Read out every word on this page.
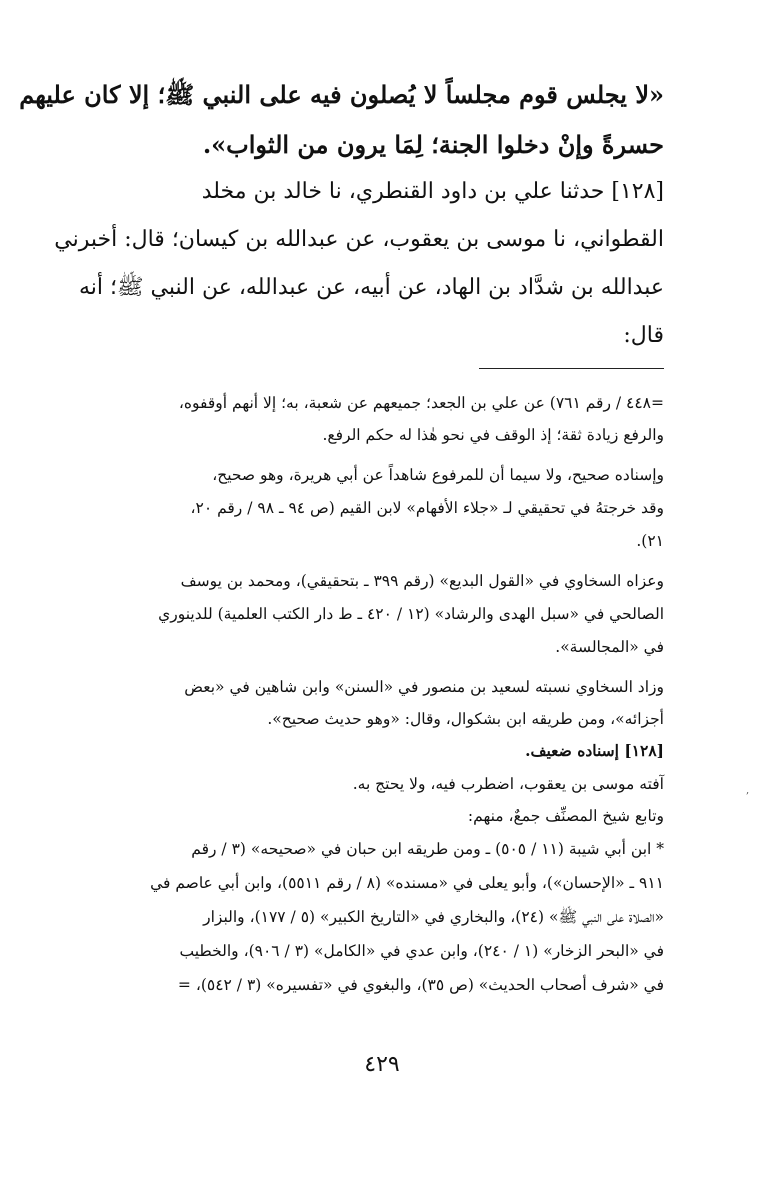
«لا يجلس قوم مجلساً لا يُصلون فيه على النبي ﷺ؛ إلا كان عليهم
حسرةً وإنْ دخلوا الجنة؛ لِمَا يرون من الثواب».
[١٢٨] حدثنا علي بن داود القنطري، نا خالد بن مخلد
القطواني، نا موسى بن يعقوب، عن عبدالله بن كيسان؛ قال: أخبرني
عبدالله بن شدَّاد بن الهاد، عن أبيه، عن عبدالله، عن النبي ﷺ؛ أنه
قال:
=٤٤٨ / رقم ٧٦١) عن علي بن الجعد؛ جميعهم عن شعبة، به؛ إلا أنهم أوقفوه،
والرفع زيادة ثقة؛ إذ الوقف في نحو هٰذا له حكم الرفع.
وإسناده صحيح، ولا سيما أن للمرفوع شاهداً عن أبي هريرة، وهو صحيح،
وقد خرجتهُ في تحقيقي لـ «جلاء الأفهام» لابن القيم (ص ٩٤ ـ ٩٨ / رقم ٢٠،
٢١).
وعزاه السخاوي في «القول البديع» (رقم ٣٩٩ ـ بتحقيقي)، ومحمد بن يوسف
الصالحي في «سبل الهدى والرشاد» (١٢ / ٤٢٠ ـ ط دار الكتب العلمية) للدينوري
في «المجالسة».
وزاد السخاوي نسبته لسعيد بن منصور في «السنن» وابن شاهين في «بعض
أجزائه»، ومن طريقه ابن بشكوال، وقال: «وهو حديث صحيح».
[١٢٨] إسناده ضعيف.
آفته موسى بن يعقوب، اضطرب فيه، ولا يحتج به.
وتابع شيخ المصنِّف جمعٌ، منهم:
* ابن أبي شيبة (١١ / ٥٠٥) ـ ومن طريقه ابن حبان في «صحيحه» (٣ / رقم
٩١١ ـ «الإحسان»)، وأبو يعلى في «مسنده» (٨ / رقم ٥٥١١)، وابن أبي عاصم في
«الصلاة على النبي ﷺ» (٢٤)، والبخاري في «التاريخ الكبير» (٥ / ١٧٧)، والبزار
في «البحر الزخار» (١ / ٢٤٠)، وابن عدي في «الكامل» (٣ / ٩٠٦)، والخطيب
في «شرف أصحاب الحديث» (ص ٣٥)، والبغوي في «تفسيره» (٣ / ٥٤٢)، =
٤٢٩
,
